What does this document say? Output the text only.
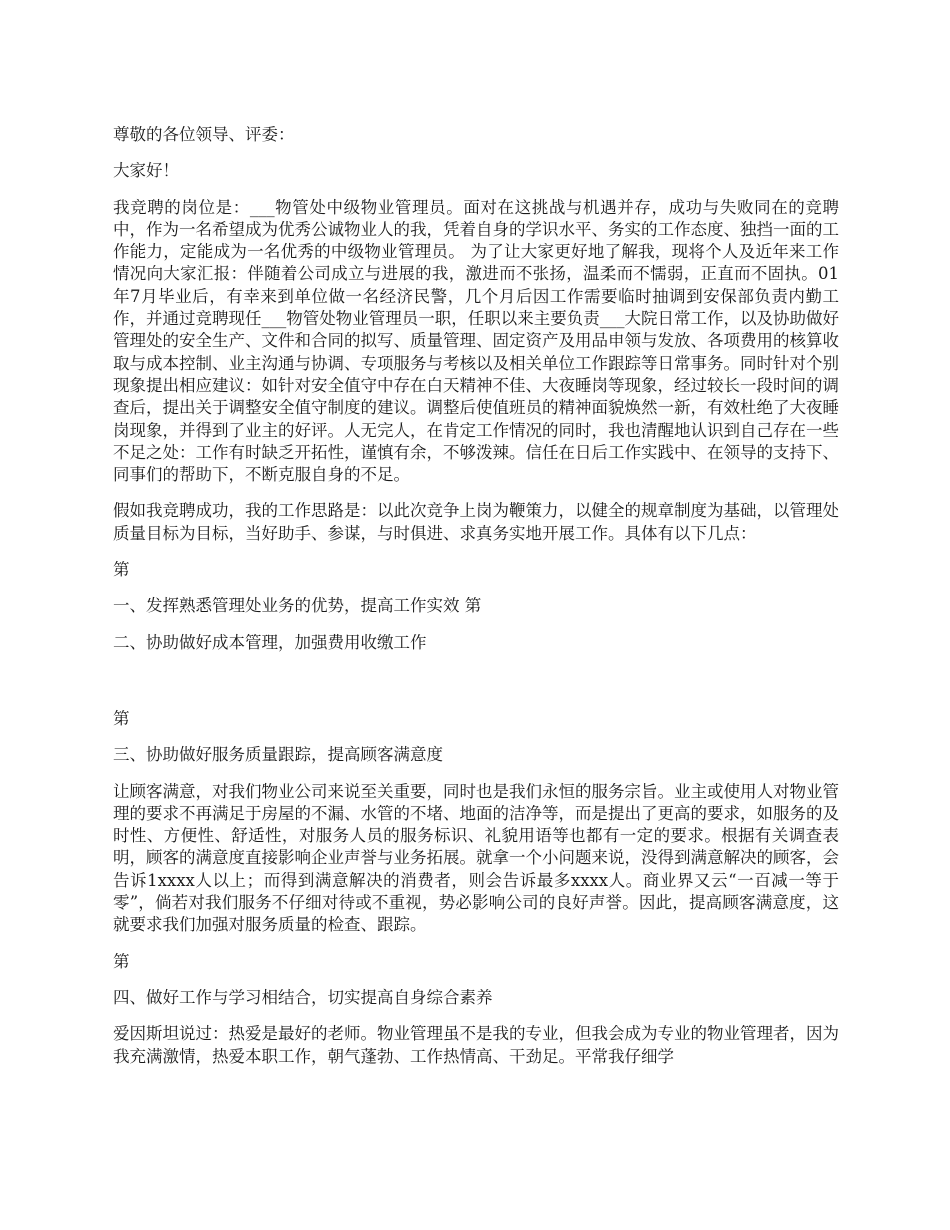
尊敬的各位领导、评委：

大家好！

我竞聘的岗位是：___物管处中级物业管理员。面对在这挑战与机遇并存，成功与失败同在的竞聘中，作为一名希望成为优秀公诚物业人的我，凭着自身的学识水平、务实的工作态度、独挡一面的工作能力，定能成为一名优秀的中级物业管理员。 为了让大家更好地了解我，现将个人及近年来工作情况向大家汇报：伴随着公司成立与进展的我，激进而不张扬，温柔而不懦弱，正直而不固执。01年7月毕业后，有幸来到单位做一名经济民警，几个月后因工作需要临时抽调到安保部负责内勤工作，并通过竞聘现任___物管处物业管理员一职，任职以来主要负责___大院日常工作，以及协助做好管理处的安全生产、文件和合同的拟写、质量管理、固定资产及用品申领与发放、各项费用的核算收取与成本控制、业主沟通与协调、专项服务与考核以及相关单位工作跟踪等日常事务。同时针对个别现象提出相应建议：如针对安全值守中存在白天精神不佳、大夜睡岗等现象，经过较长一段时间的调查后，提出关于调整安全值守制度的建议。调整后使值班员的精神面貌焕然一新，有效杜绝了大夜睡岗现象，并得到了业主的好评。人无完人，在肯定工作情况的同时，我也清醒地认识到自己存在一些不足之处：工作有时缺乏开拓性，谨慎有余，不够泼辣。信任在日后工作实践中、在领导的支持下、同事们的帮助下，不断克服自身的不足。

假如我竞聘成功，我的工作思路是：以此次竞争上岗为鞭策力，以健全的规章制度为基础，以管理处质量目标为目标，当好助手、参谋，与时俱进、求真务实地开展工作。具体有以下几点：

第

一、发挥熟悉管理处业务的优势，提高工作实效 第

二、协助做好成本管理，加强费用收缴工作

第

三、协助做好服务质量跟踪，提高顾客满意度

让顾客满意，对我们物业公司来说至关重要，同时也是我们永恒的服务宗旨。业主或使用人对物业管理的要求不再满足于房屋的不漏、水管的不堵、地面的洁净等，而是提出了更高的要求，如服务的及时性、方便性、舒适性，对服务人员的服务标识、礼貌用语等也都有一定的要求。根据有关调查表明，顾客的满意度直接影响企业声誉与业务拓展。就拿一个小问题来说，没得到满意解决的顾客，会告诉1xxxx人以上；而得到满意解决的消费者，则会告诉最多xxxx人。商业界又云“一百减一等于零”，倘若对我们服务不仔细对待或不重视，势必影响公司的良好声誉。因此，提高顾客满意度，这就要求我们加强对服务质量的检查、跟踪。

第

四、做好工作与学习相结合，切实提高自身综合素养

爱因斯坦说过：热爱是最好的老师。物业管理虽不是我的专业，但我会成为专业的物业管理者，因为我充满激情，热爱本职工作，朝气蓬勃、工作热情高、干劲足。平常我仔细学
